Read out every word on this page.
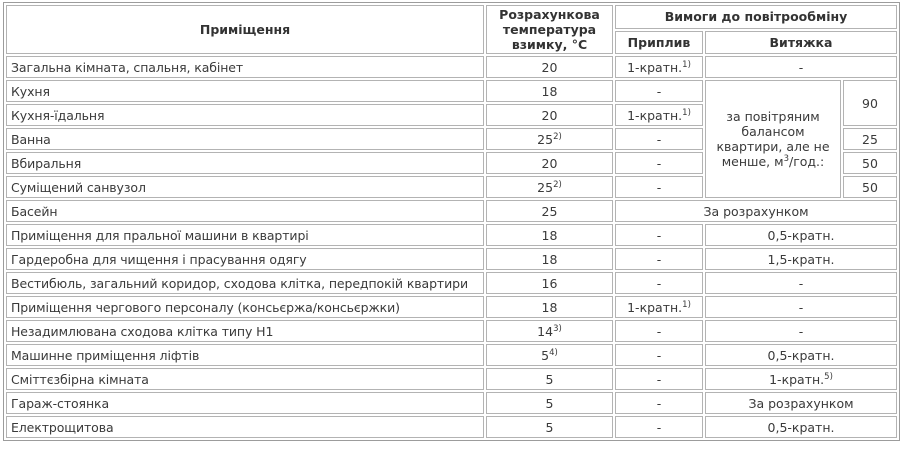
Приміщення	Розрахункова температура взимку, °С	Вимоги до повітрообміну		
		Приплив	Витяжка	
Загальна кімната, спальня, кабінет	20	1-кратн.$^{1)}$	-	
Кухня	18	-	за повітряним балансом квартири, але не менше, $м^3$/год.:	90
Кухня-їдальня	20	1-кратн.$^{1)}$
Ванна	25$^{2)}$	-		25
Вбиральня	20	-		50
Суміщений санвузол	25$^{2)}$	-		50
Басейн	25	За розрахунком		
Приміщення для пральної машини в квартирі	18	-	0,5-кратн.	
Гардеробна для чищення і прасування одягу	18	-	1,5-кратн.	
Вестибюль, загальний коридор, сходова клітка, передпокій квартири	16	-	-	
Приміщення чергового персоналу (консьєржа/консьєржки)	18	1-кратн.$^{1)}$	-	
Незадимлювана сходова клітка типу Н1	14$^{3)}$	-	-	
Машинне приміщення ліфтів	5$^{4)}$	-	0,5-кратн.	
Сміттєзбірна кімната	5	-	1-кратн.$^{5)}$
Гараж-стоянка	5	-	За розрахунком	
Електрощитова	5	-	0,5-кратн.	
